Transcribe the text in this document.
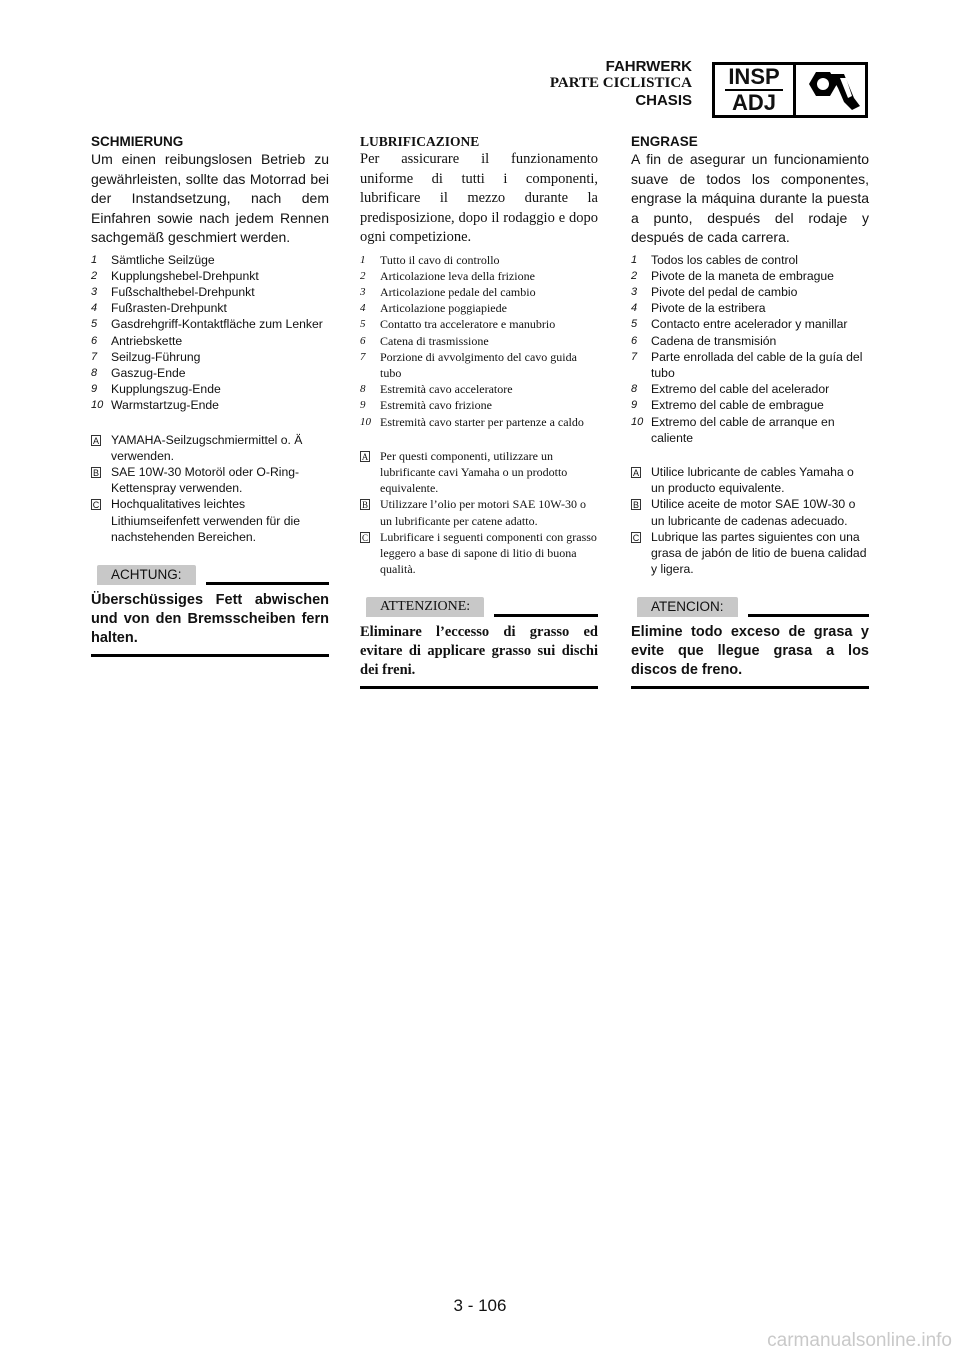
FAHRWERK
PARTE CICLISTICA
CHASIS
INSP
ADJ
SCHMIERUNG
Um einen reibungslosen Betrieb zu gewährleisten, sollte das Motorrad bei der Instandsetzung, nach dem Einfahren sowie nach jedem Rennen sachgemäß geschmiert werden.
1	Sämtliche Seilzüge
2	Kupplungshebel-Drehpunkt
3	Fußschalthebel-Drehpunkt
4	Fußrasten-Drehpunkt
5	Gasdrehgriff-Kontaktfläche zum Lenker
6	Antriebskette
7	Seilzug-Führung
8	Gaszug-Ende
9	Kupplungszug-Ende
10 Warmstartzug-Ende
A YAMAHA-Seilzugschmiermittel o. Ä verwenden.
B SAE 10W-30 Motoröl oder O-Ring-Kettenspray verwenden.
C Hochqualitatives leichtes Lithiumseifenfett verwenden für die nachstehenden Bereichen.
ACHTUNG:
Überschüssiges Fett abwischen und von den Bremsscheiben fern halten.
LUBRIFICAZIONE
Per assicurare il funzionamento uniforme di tutti i componenti, lubrificare il mezzo durante la predisposizione, dopo il rodaggio e dopo ogni competizione.
1	Tutto il cavo di controllo
2	Articolazione leva della frizione
3	Articolazione pedale del cambio
4	Articolazione poggiapiede
5	Contatto tra acceleratore e manubrio
6	Catena di trasmissione
7	Porzione di avvolgimento del cavo guida tubo
8	Estremità cavo acceleratore
9	Estremità cavo frizione
10 Estremità cavo starter per partenze a caldo
A Per questi componenti, utilizzare un lubrificante cavi Yamaha o un prodotto equivalente.
B	Utilizzare l’olio per motori SAE 10W-30 o un lubrificante per catene adatto.
C	Lubrificare i seguenti componenti con grasso leggero a base di sapone di litio di buona qualità.
ATTENZIONE:
Eliminare l’eccesso di grasso ed evitare di applicare grasso sui dischi dei freni.
ENGRASE
A fin de asegurar un funcionamiento suave de todos los componentes, engrase la máquina durante la puesta a punto, después del rodaje y después de cada carrera.
1	Todos los cables de control
2	Pivote de la maneta de embrague
3	Pivote del pedal de cambio
4	Pivote de la estribera
5	Contacto entre acelerador y manillar
6	Cadena de transmisión
7	Parte enrollada del cable de la guía del tubo
8	Extremo del cable del acelerador
9	Extremo del cable de embrague
10 Extremo del cable de arranque en caliente
A Utilice lubricante de cables Yamaha o un producto equivalente.
B Utilice aceite de motor SAE 10W-30 o un lubricante de cadenas adecuado.
C Lubrique las partes siguientes con una grasa de jabón de litio de buena calidad y ligera.
ATENCION:
Elimine todo exceso de grasa y evite que llegue grasa a los discos de freno.
3 - 106
carmanualsonline.info
